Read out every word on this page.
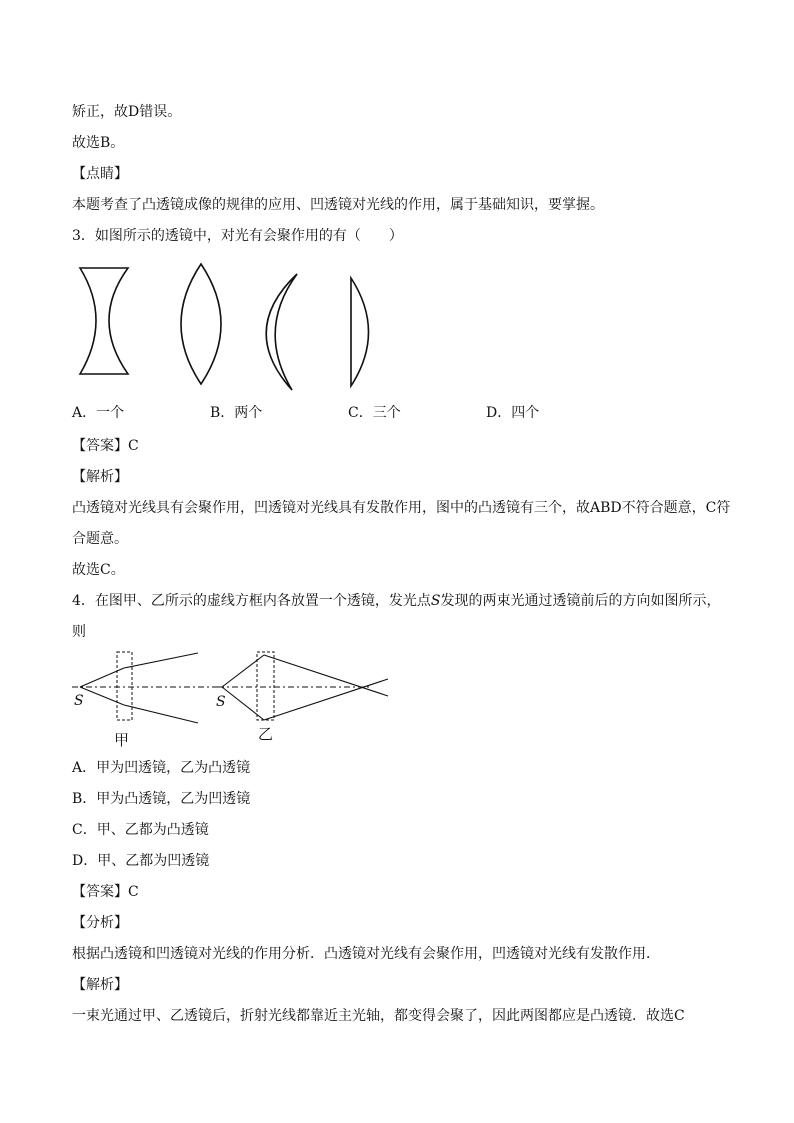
矫正，故D错误。
故选B。
【点睛】
本题考查了凸透镜成像的规律的应用、凹透镜对光线的作用，属于基础知识，要掌握。
3．如图所示的透镜中，对光有会聚作用的有（　　）
A．一个	B．两个	C．三个	D．四个
【答案】C
【解析】
凸透镜对光线具有会聚作用，凹透镜对光线具有发散作用，图中的凸透镜有三个，故ABD不符合题意，C符
合题意。
故选C。
4．在图甲、乙所示的虚线方框内各放置一个透镜，发光点S发现的两束光通过透镜前后的方向如图所示，
则
S	S
甲	乙
A．甲为凹透镜，乙为凸透镜
B．甲为凸透镜，乙为凹透镜
C．甲、乙都为凸透镜
D．甲、乙都为凹透镜
【答案】C
【分析】
根据凸透镜和凹透镜对光线的作用分析．凸透镜对光线有会聚作用，凹透镜对光线有发散作用．
【解析】
一束光通过甲、乙透镜后，折射光线都靠近主光轴，都变得会聚了，因此两图都应是凸透镜．故选C
